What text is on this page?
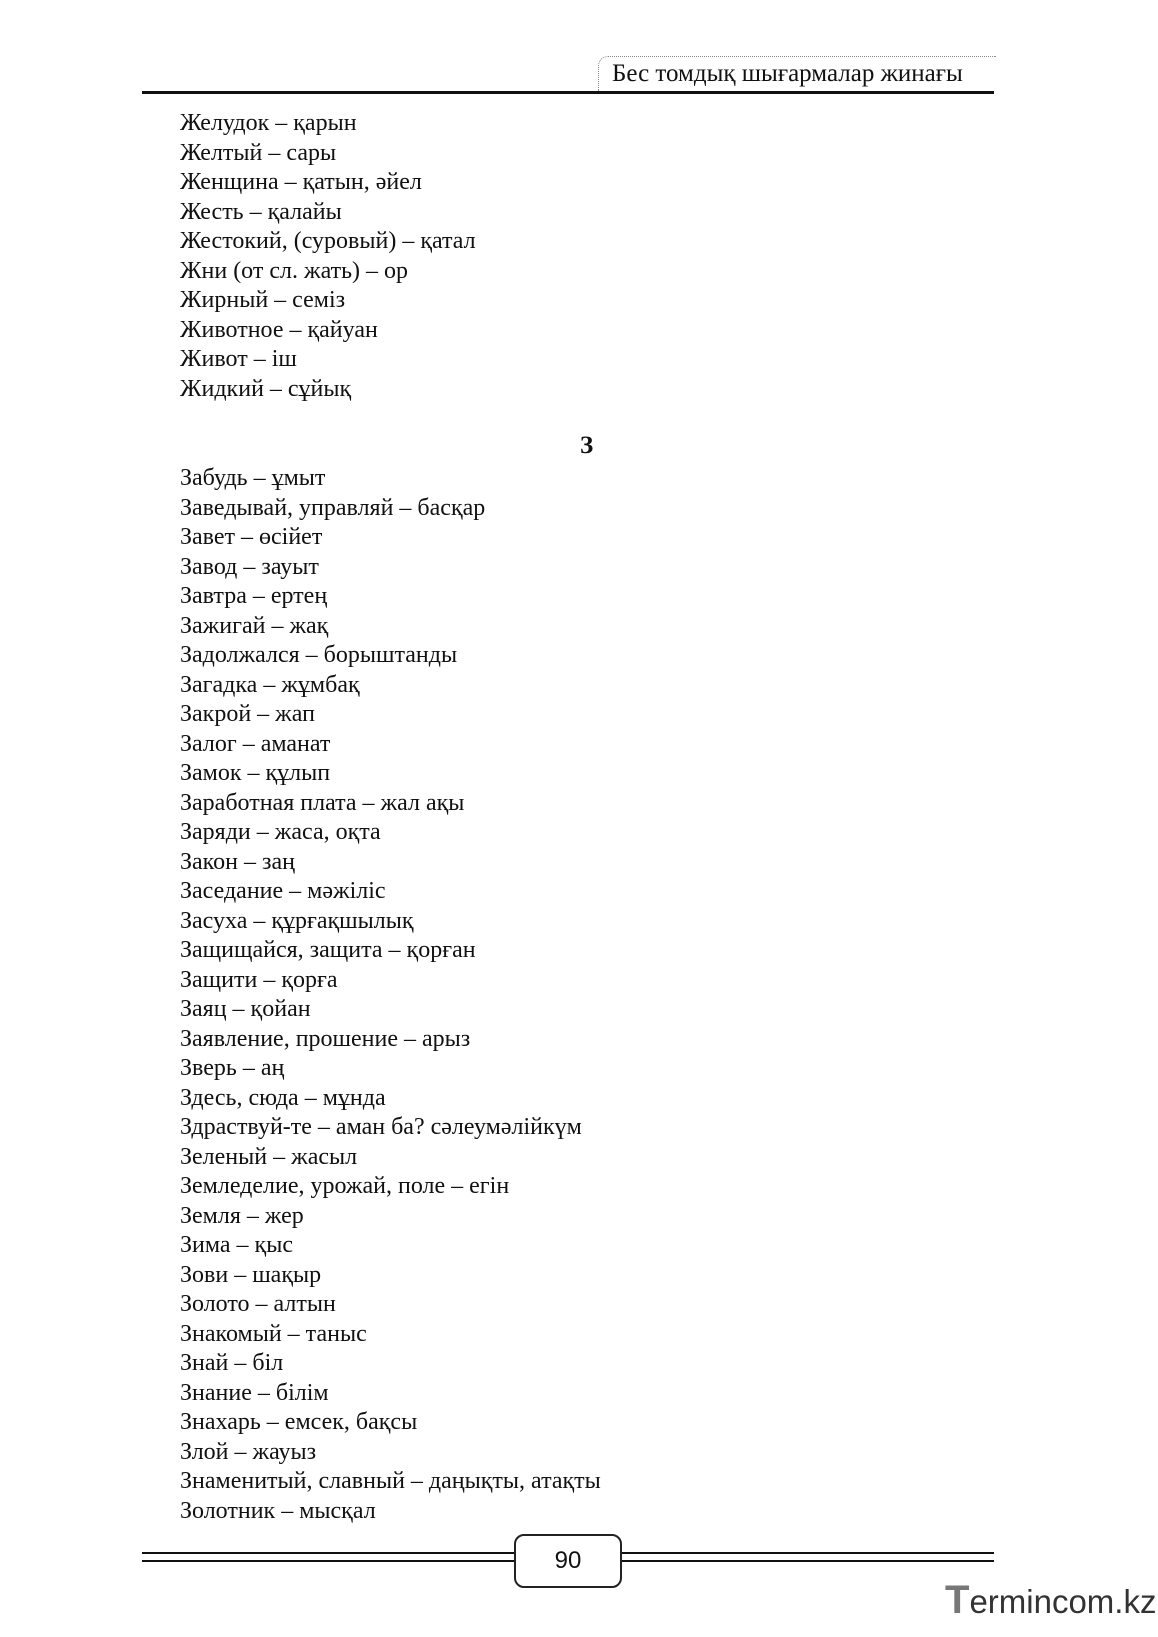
Бес томдық шығармалар жинағы
Желудок – қарын
Желтый – сары
Женщина – қатын, әйел
Жесть – қалайы
Жестокий, (суровый) – қатал
Жни (от сл. жать) – ор
Жирный – семіз
Животное – қайуан
Живот – іш
Жидкий – сұйық
З
Забудь – ұмыт
Заведывай, управляй – басқар
Завет – өсійет
Завод – зауыт
Завтра – ертең
Зажигай – жақ
Задолжался – борыштанды
Загадка – жұмбақ
Закрой – жап
Залог – аманат
Замок – құлып
Заработная плата – жал ақы
Заряди – жаса, оқта
Закон – заң
Заседание – мәжіліс
Засуха – құрғақшылық
Защищайся, защита – қорған
Защити – қорға
Заяц – қойан
Заявление, прошение – арыз
Зверь – аң
Здесь, сюда – мұнда
Здраствуй-те – аман ба? сәлеумәлійкүм
Зеленый – жасыл
Земледелие, урожай, поле – егін
Земля – жер
Зима – қыс
Зови – шақыр
Золото – алтын
Знакомый – таныс
Знай – біл
Знание – білім
Знахарь – емсек, бақсы
Злой – жауыз
Знаменитый, славный – даңықты, атақты
Золотник – мысқал
90
Termincom.kz
